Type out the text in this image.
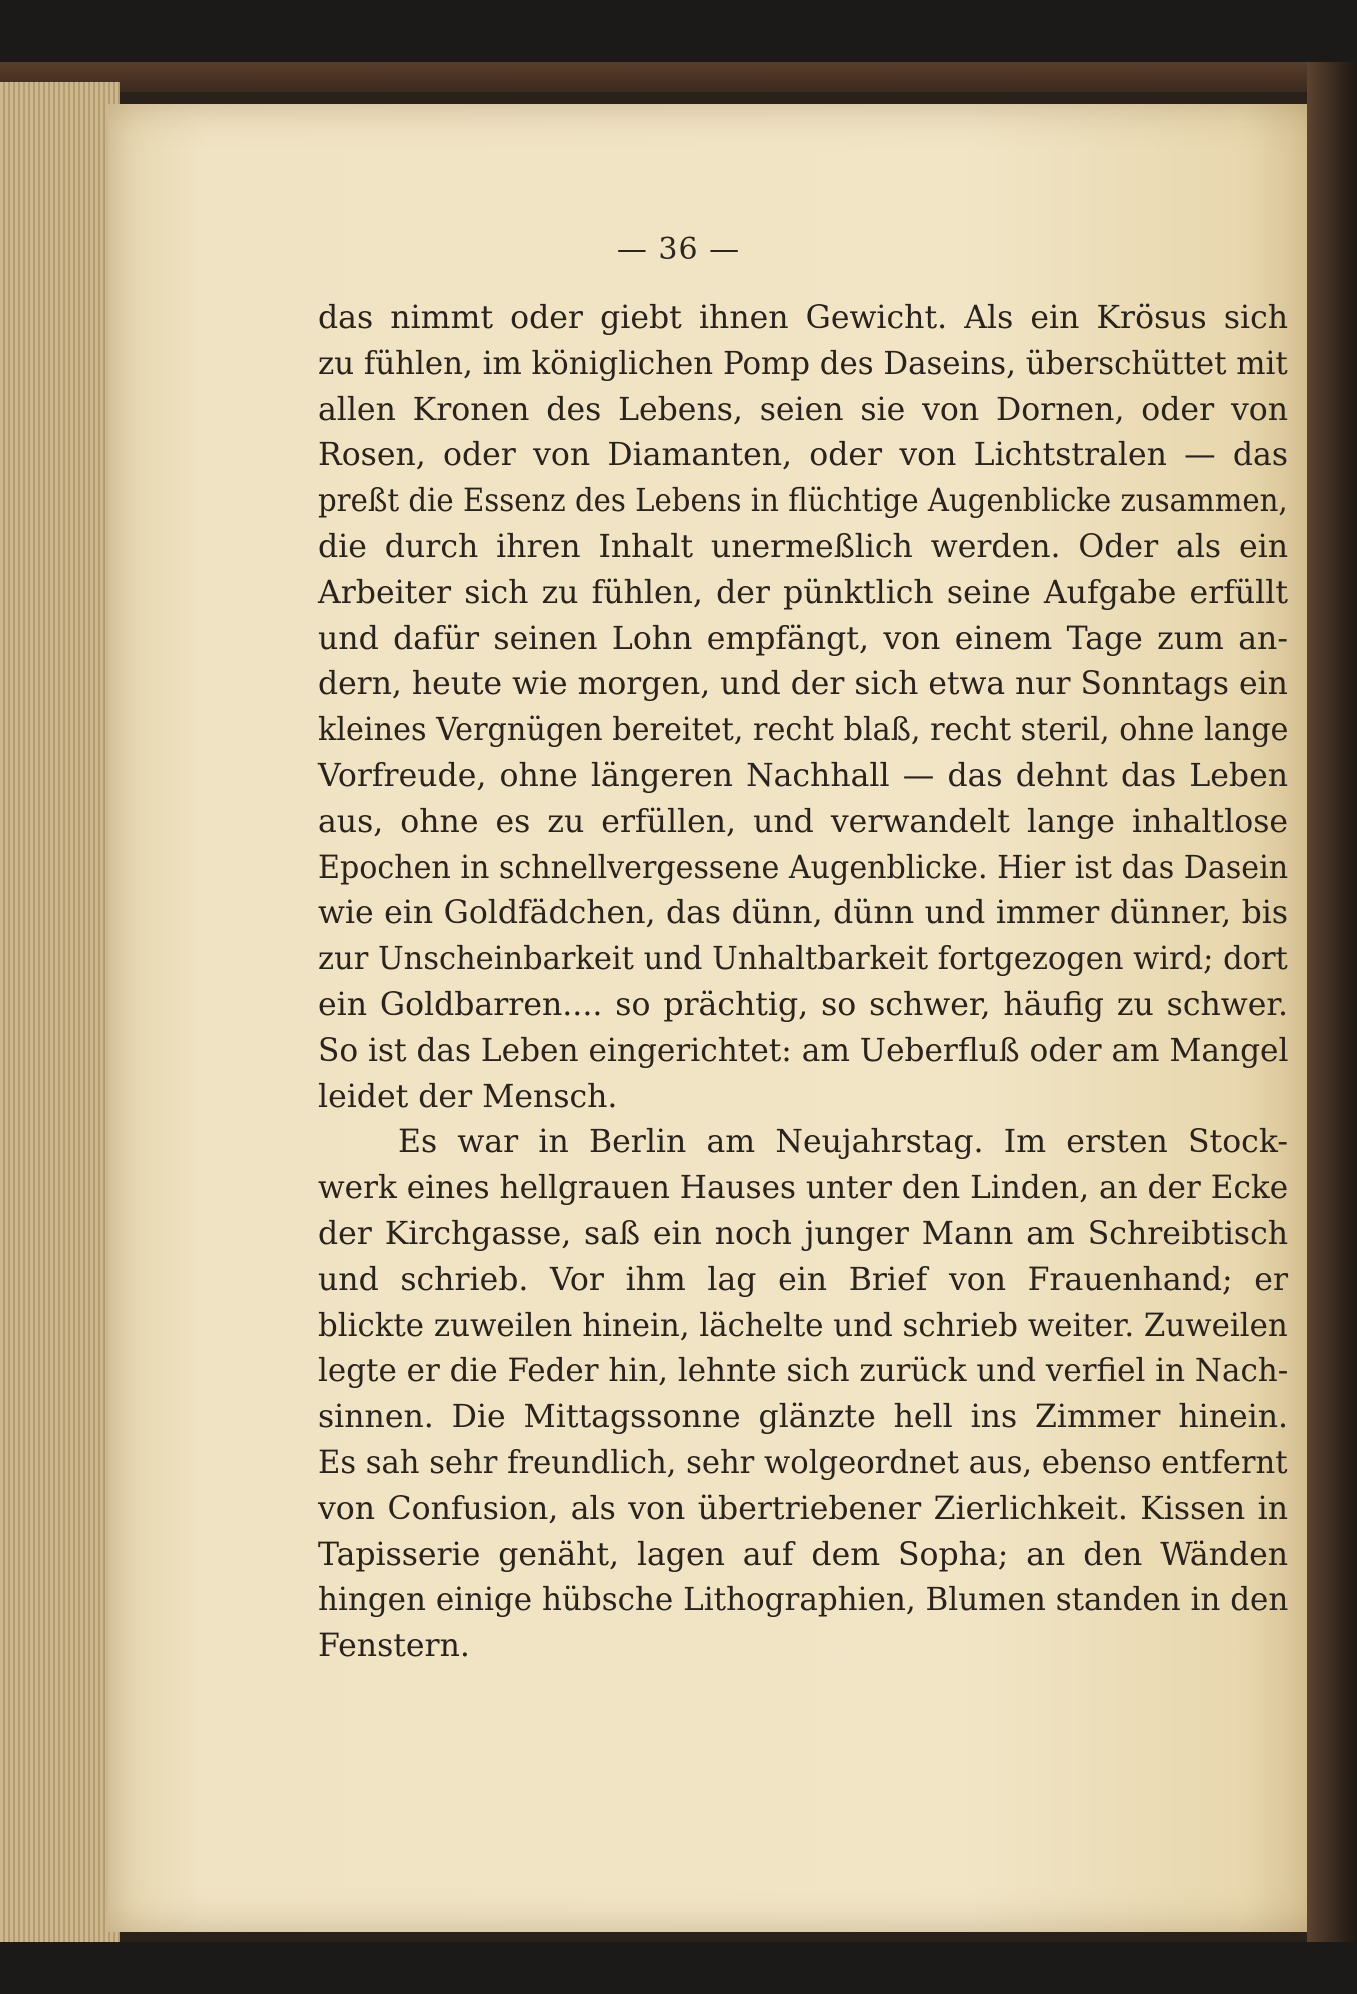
— 36 —
das nimmt oder giebt ihnen Gewicht. Als ein Krösus sich
zu fühlen, im königlichen Pomp des Daseins, überschüttet mit
allen Kronen des Lebens, seien sie von Dornen, oder von
Rosen, oder von Diamanten, oder von Lichtstralen — das
preßt die Essenz des Lebens in flüchtige Augenblicke zusammen,
die durch ihren Inhalt unermeßlich werden. Oder als ein
Arbeiter sich zu fühlen, der pünktlich seine Aufgabe erfüllt
und dafür seinen Lohn empfängt, von einem Tage zum an-
dern, heute wie morgen, und der sich etwa nur Sonntags ein
kleines Vergnügen bereitet, recht blaß, recht steril, ohne lange
Vorfreude, ohne längeren Nachhall — das dehnt das Leben
aus, ohne es zu erfüllen, und verwandelt lange inhaltlose
Epochen in schnellvergessene Augenblicke. Hier ist das Dasein
wie ein Goldfädchen, das dünn, dünn und immer dünner, bis
zur Unscheinbarkeit und Unhaltbarkeit fortgezogen wird; dort
ein Goldbarren.... so prächtig, so schwer, häufig zu schwer.
So ist das Leben eingerichtet: am Ueberfluß oder am Mangel
leidet der Mensch.
Es war in Berlin am Neujahrstag. Im ersten Stock-
werk eines hellgrauen Hauses unter den Linden, an der Ecke
der Kirchgasse, saß ein noch junger Mann am Schreibtisch
und schrieb. Vor ihm lag ein Brief von Frauenhand; er
blickte zuweilen hinein, lächelte und schrieb weiter. Zuweilen
legte er die Feder hin, lehnte sich zurück und verfiel in Nach-
sinnen. Die Mittagssonne glänzte hell ins Zimmer hinein.
Es sah sehr freundlich, sehr wolgeordnet aus, ebenso entfernt
von Confusion, als von übertriebener Zierlichkeit. Kissen in
Tapisserie genäht, lagen auf dem Sopha; an den Wänden
hingen einige hübsche Lithographien, Blumen standen in den
Fenstern.
